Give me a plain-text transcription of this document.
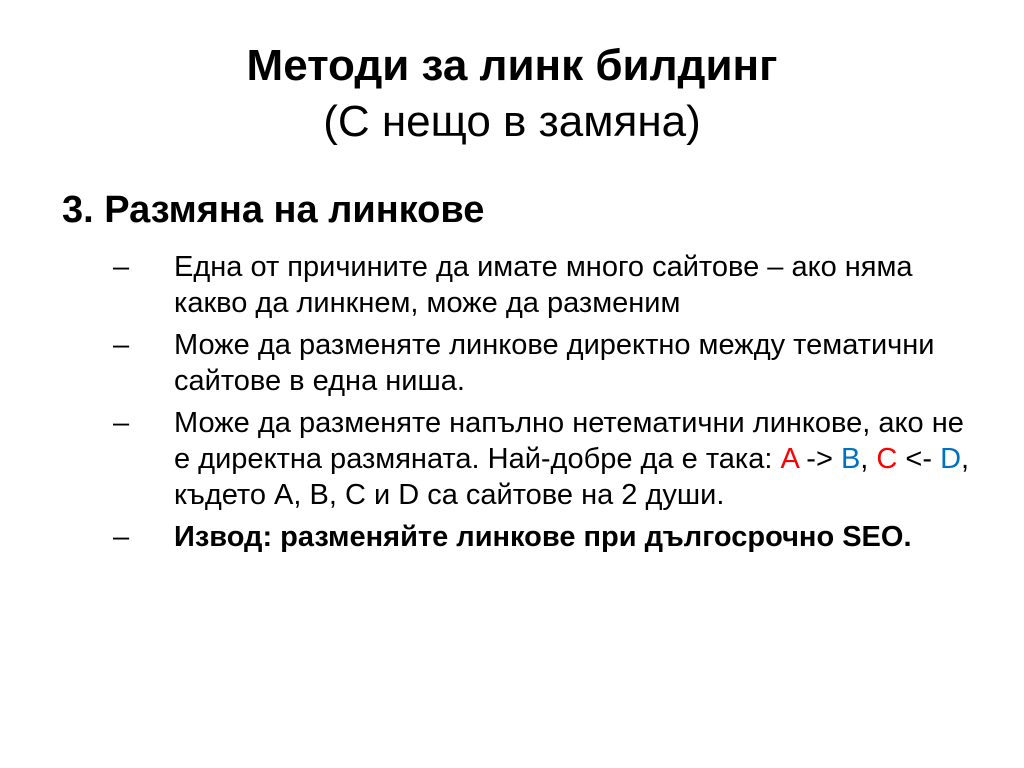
Методи за линк билдинг
(С нещо в замяна)
3. Размяна на линкове
– Една от причините да имате много сайтове – ако няма какво да линкнем, може да разменим
– Може да разменяте линкове директно между тематични сайтове в една ниша.
– Може да разменяте напълно нетематични линкове, ако не е директна размяната. Най-добре да е така: A -> B, C <- D, където A, B, C и D са сайтове на 2 души.
– Извод: разменяйте линкове при дългосрочно SEO.
